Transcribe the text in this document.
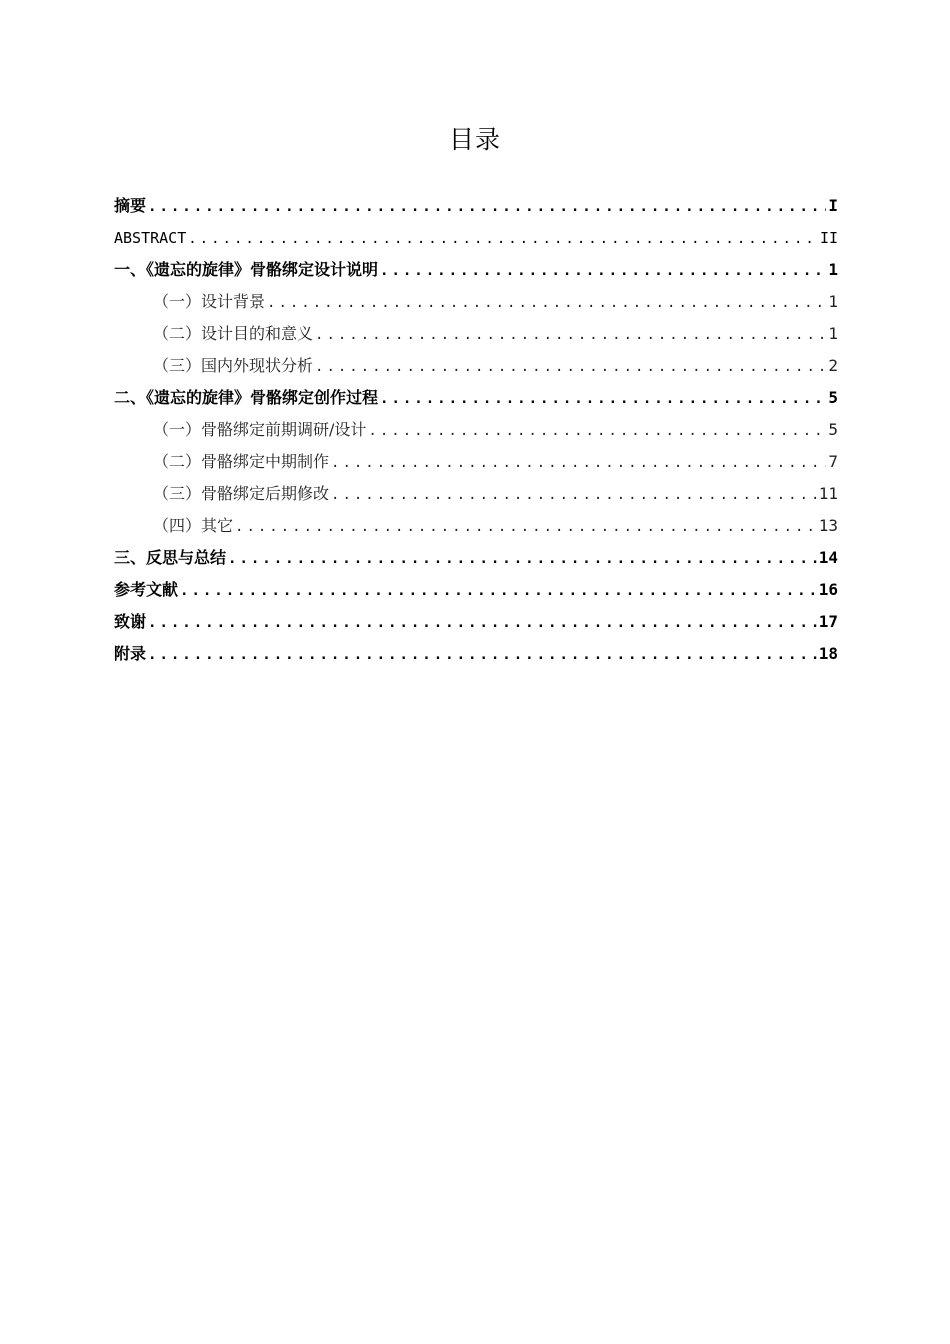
目录
摘要 .....	I
ABSTRACT .....	II
一、《遗忘的旋律》骨骼绑定设计说明 .....	1
（一）设计背景 .....	1
（二）设计目的和意义 .....	1
（三）国内外现状分析 .....	2
二、《遗忘的旋律》骨骼绑定创作过程 .....	5
（一）骨骼绑定前期调研/设计 .....	5
（二）骨骼绑定中期制作 .....	7
（三）骨骼绑定后期修改 .....	11
（四）其它 .....	13
三、反思与总结 .....	14
参考文献 .....	16
致谢 .....	17
附录 .....	18
